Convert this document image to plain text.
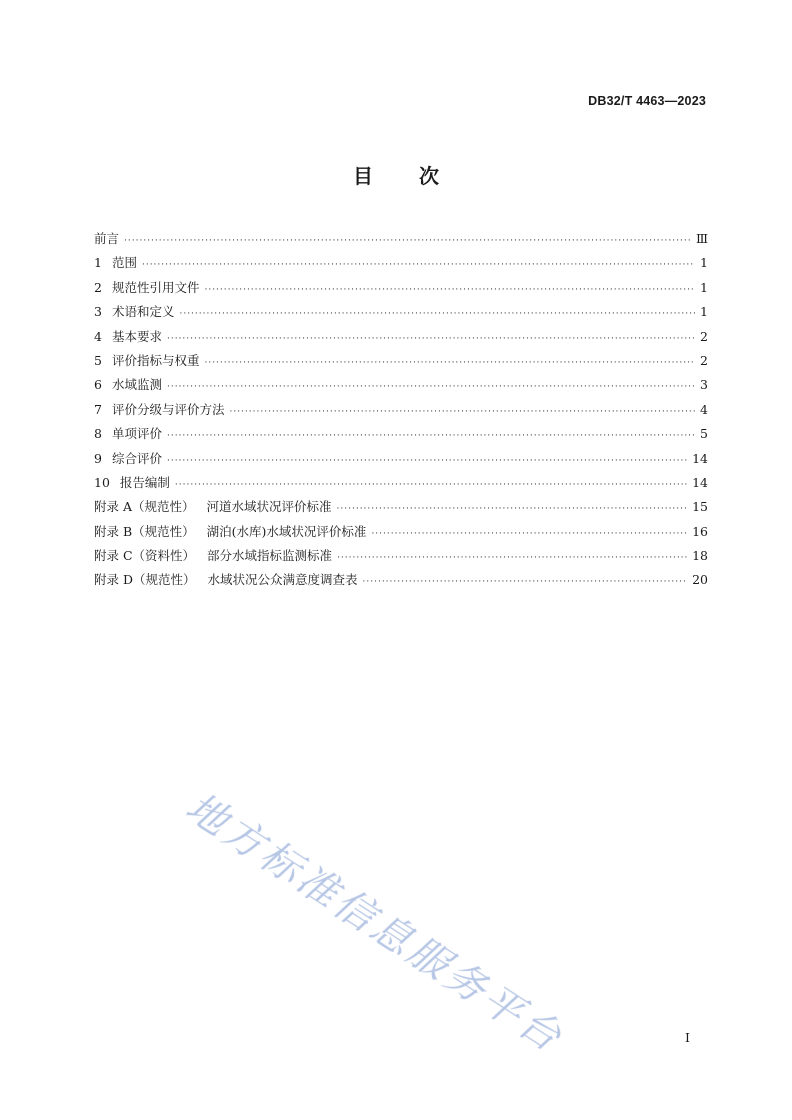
DB32/T 4463—2023
目 次
前言 ·····	Ⅲ
1 范围 ·····	1
2 规范性引用文件 ·····	1
3 术语和定义 ·····	1
4 基本要求 ·····	2
5 评价指标与权重 ·····	2
6 水域监测 ·····	3
7 评价分级与评价方法 ·····	4
8 单项评价 ·····	5
9 综合评价 ·····	14
10 报告编制 ·····	14
附录 A（规范性） 河道水域状况评价标准 ·····	15
附录 B（规范性） 湖泊(水库)水域状况评价标准 ·····	16
附录 C（资料性） 部分水域指标监测标准 ·····	18
附录 D（规范性） 水域状况公众满意度调查表 ·····	20
地方标准信息服务平台	I
